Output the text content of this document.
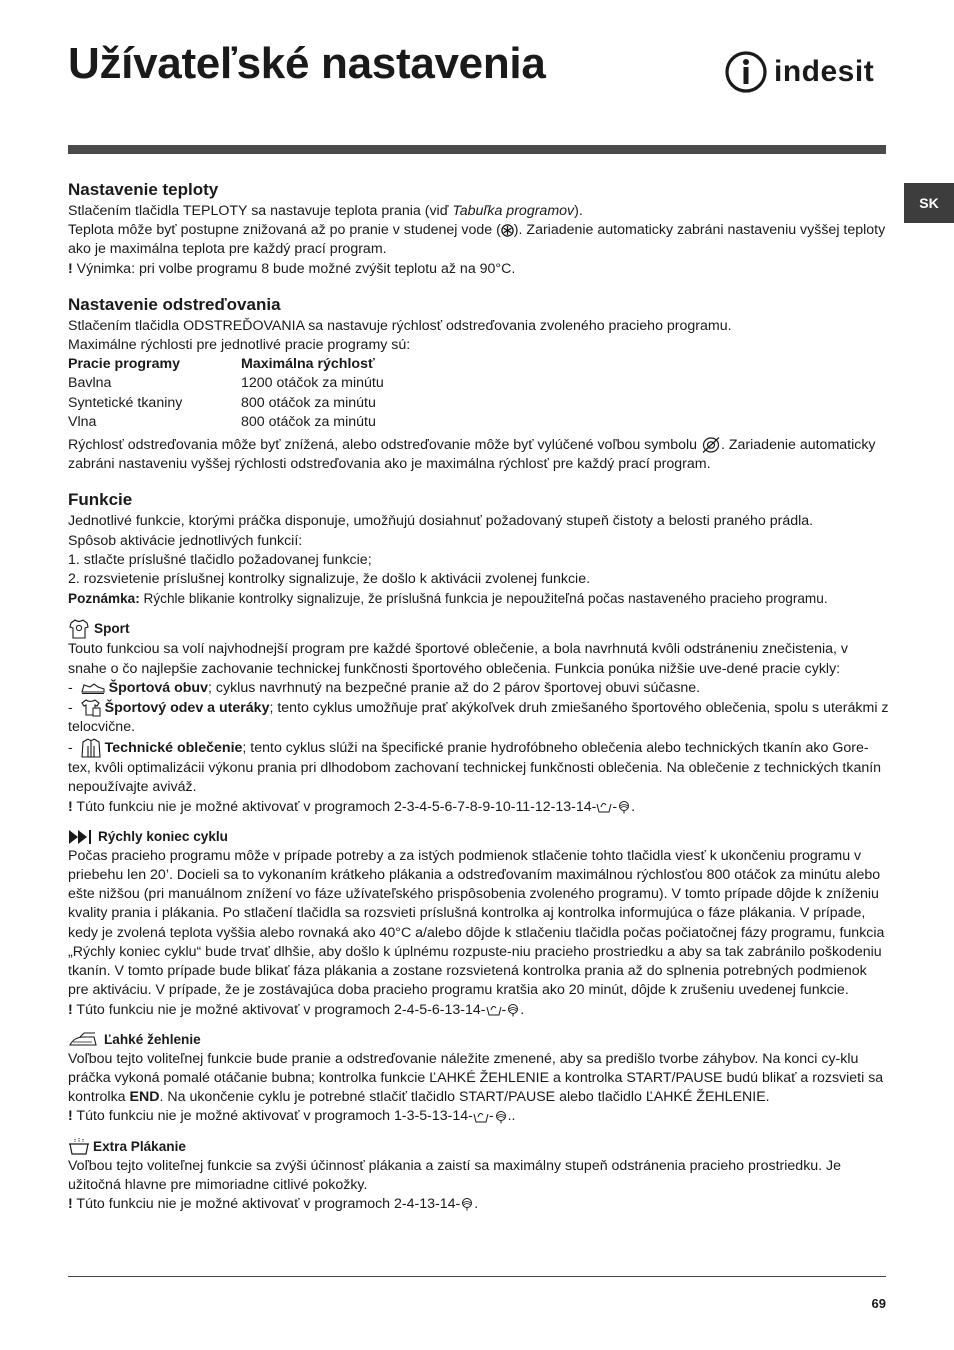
Užívateľské nastavenia	indesit
SK
Nastavenie teploty

Stlačením tlačidla TEPLOTY sa nastavuje teplota prania (viď Tabuľka programov).

Teplota môže byť postupne znižovaná až po pranie v studenej vode ( ). Zariadenie automaticky zabráni nastaveniu vyššej teploty ako je maximálna teplota pre každý prací program.

! Výnimka: pri volbe programu 8 bude možné zvýšit teplotu až na 90°C.

Nastavenie odstreďovania

Stlačením tlačidla ODSTREĎOVANIA sa nastavuje rýchlosť odstreďovania zvoleného pracieho programu.

Maximálne rýchlosti pre jednotlivé pracie programy sú:

Pracie programy	Maximálna rýchlosť
Bavlna	1200 otáčok za minútu
Syntetické tkaniny	800 otáčok za minútu
Vlna	800 otáčok za minútu

Rýchlosť odstreďovania môže byť znížená, alebo odstreďovanie môže byť vylúčené voľbou symbolu . Zariadenie automaticky zabráni nastaveniu vyššej rýchlosti odstreďovania ako je maximálna rýchlosť pre každý prací program.

Funkcie

Jednotlivé funkcie, ktorými práčka disponuje, umožňujú dosiahnuť požadovaný stupeň čistoty a belosti praného prádla.

Spôsob aktivácie jednotlivých funkcií:

1. stlačte príslušné tlačidlo požadovanej funkcie;

2. rozsvietenie príslušnej kontrolky signalizuje, že došlo k aktivácii zvolenej funkcie.

Poznámka: Rýchle blikanie kontrolky signalizuje, že príslušná funkcia je nepoužiteľná počas nastaveného pracieho programu.

Sport

Touto funkciou sa volí najvhodnejší program pre každé športové oblečenie, a bola navrhnutá kvôli odstráneniu znečistenia, v snahe o čo najlepšie zachovanie technickej funkčnosti športového oblečenia. Funkcia ponúka nižšie uve-dené pracie cykly:

- Športová obuv; cyklus navrhnutý na bezpečné pranie až do 2 párov športovej obuvi súčasne.

- Športový odev a uteráky; tento cyklus umožňuje prať akýkoľvek druh zmiešaného športového oblečenia, spolu s uterákmi z telocvične.

- Technické oblečenie; tento cyklus slúži na špecifické pranie hydrofóbneho oblečenia alebo technických tkanín ako Gore-tex, kvôli optimalizácii výkonu prania pri dlhodobom zachovaní technickej funkčnosti oblečenia. Na oblečenie z technických tkanín nepoužívajte aviváž.

! Túto funkciu nie je možné aktivovať v programoch 2-3-4-5-6-7-8-9-10-11-12-13-14- - .

Rýchly koniec cyklu

Počas pracieho programu môže v prípade potreby a za istých podmienok stlačenie tohto tlačidla viesť k ukončeniu programu v priebehu len 20’. Docieli sa to vykonaním krátkeho plákania a odstreďovaním maximálnou rýchlosťou 800 otáčok za minútu alebo ešte nižšou (pri manuálnom znížení vo fáze užívateľského prispôsobenia zvoleného programu). V tomto prípade dôjde k zníženiu kvality prania i plákania. Po stlačení tlačidla sa rozsvieti príslušná kontrolka aj kontrolka informujúca o fáze plákania. V prípade, kedy je zvolená teplota vyššia alebo rovnaká ako 40°C a/alebo dôjde k stlačeniu tlačidla počas počiatočnej fázy programu, funkcia „Rýchly koniec cyklu“ bude trvať dlhšie, aby došlo k úplnému rozpuste-niu pracieho prostriedku a aby sa tak zabránilo poškodeniu tkanín. V tomto prípade bude blikať fáza plákania a zostane rozsvietená kontrolka prania až do splnenia potrebných podmienok pre aktiváciu. V prípade, že je zostávajúca doba pracieho programu kratšia ako 20 minút, dôjde k zrušeniu uvedenej funkcie.

! Túto funkciu nie je možné aktivovať v programoch 2-4-5-6-13-14- - .

Ľahké žehlenie

Voľbou tejto voliteľnej funkcie bude pranie a odstreďovanie náležite zmenené, aby sa predišlo tvorbe záhybov. Na konci cy-klu práčka vykoná pomalé otáčanie bubna; kontrolka funkcie ĽAHKÉ ŽEHLENIE a kontrolka START/PAUSE budú blikať a rozsvieti sa kontrolka END. Na ukončenie cyklu je potrebné stlačiť tlačidlo START/PAUSE alebo tlačidlo ĽAHKÉ ŽEHLENIE.

! Túto funkciu nie je možné aktivovať v programoch 1-3-5-13-14- - ..

Extra Plákanie

Voľbou tejto voliteľnej funkcie sa zvýši účinnosť plákania a zaistí sa maximálny stupeň odstránenia pracieho prostriedku. Je užitočná hlavne pre mimoriadne citlivé pokožky.

! Túto funkciu nie je možné aktivovať v programoch 2-4-13-14- .

69
